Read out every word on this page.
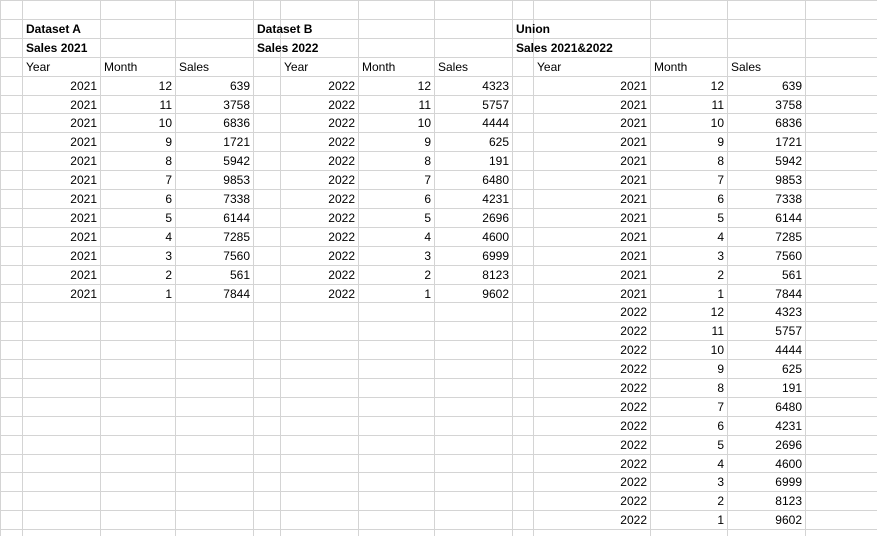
Dataset A
Sales 2021
Year	Month	Sales
2021	12	639
2021	11	3758
2021	10	6836
2021	9	1721
2021	8	5942
2021	7	9853
2021	6	7338
2021	5	6144
2021	4	7285
2021	3	7560
2021	2	561
2021	1	7844
Dataset B
Sales 2022
Year	Month	Sales
2022	12	4323
2022	11	5757
2022	10	4444
2022	9	625
2022	8	191
2022	7	6480
2022	6	4231
2022	5	2696
2022	4	4600
2022	3	6999
2022	2	8123
2022	1	9602
Union
Sales 2021&2022
Year	Month	Sales
2021	12	639
2021	11	3758
2021	10	6836
2021	9	1721
2021	8	5942
2021	7	9853
2021	6	7338
2021	5	6144
2021	4	7285
2021	3	7560
2021	2	561
2021	1	7844
2022	12	4323
2022	11	5757
2022	10	4444
2022	9	625
2022	8	191
2022	7	6480
2022	6	4231
2022	5	2696
2022	4	4600
2022	3	6999
2022	2	8123
2022	1	9602
